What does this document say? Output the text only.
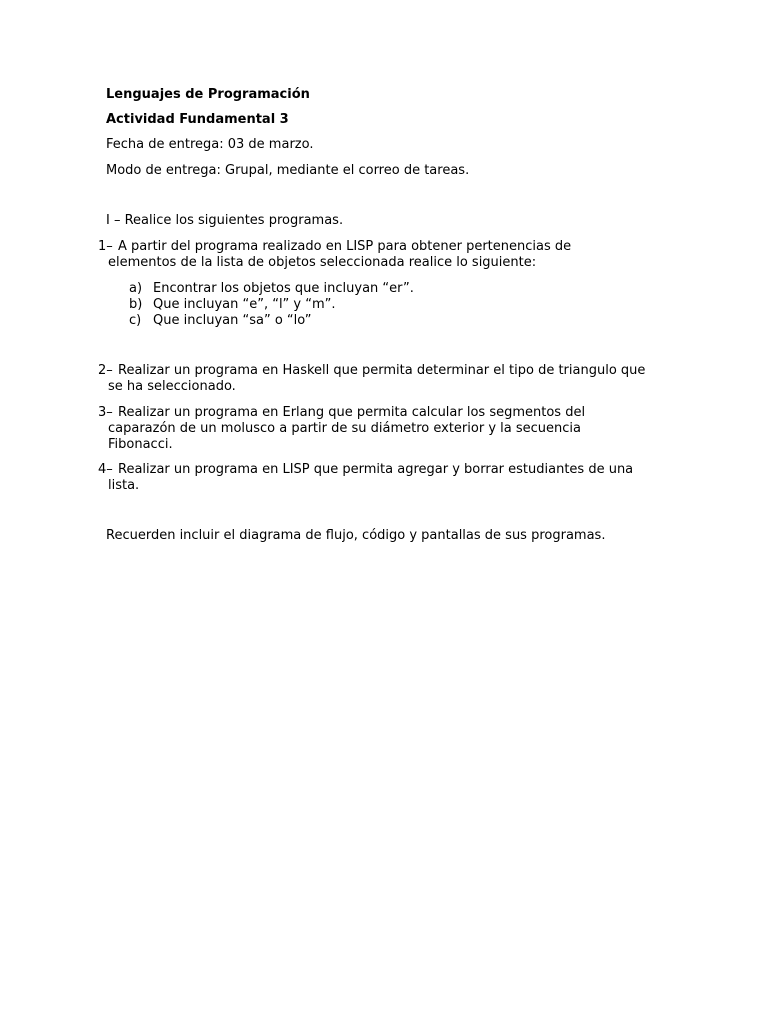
Lenguajes de Programación
Actividad Fundamental 3
Fecha de entrega: 03 de marzo.
Modo de entrega: Grupal, mediante el correo de tareas.
I – Realice los siguientes programas.
1– A partir del programa realizado en LISP para obtener pertenencias de elementos de la lista de objetos seleccionada realice lo siguiente:
a) Encontrar los objetos que incluyan “er”.
b) Que incluyan “e”, “l” y “m”.
c) Que incluyan “sa” o “lo”
2– Realizar un programa en Haskell que permita determinar el tipo de triangulo que se ha seleccionado.
3– Realizar un programa en Erlang que permita calcular los segmentos del caparazón de un molusco a partir de su diámetro exterior y la secuencia Fibonacci.
4– Realizar un programa en LISP que permita agregar y borrar estudiantes de una lista.
Recuerden incluir el diagrama de flujo, código y pantallas de sus programas.
